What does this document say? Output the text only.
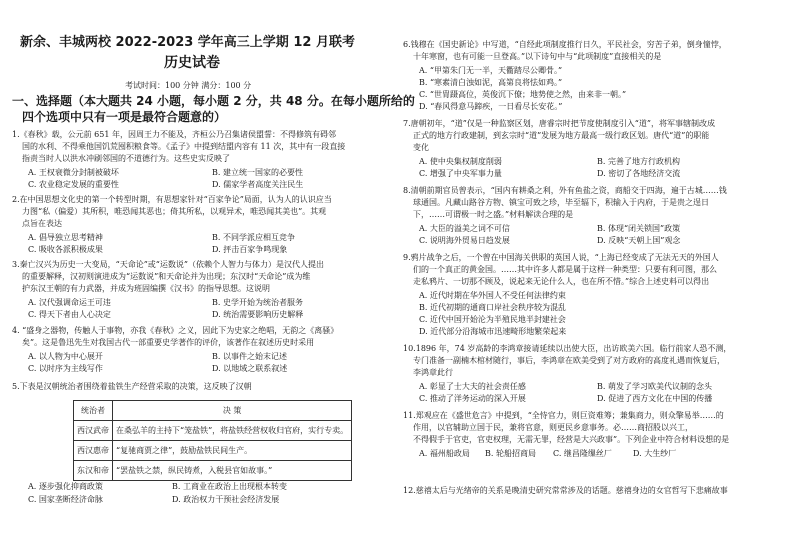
新余、丰城两校 2022-2023 学年高三上学期 12 月联考
历史试卷
考试时间：100 分钟 满分：100 分
一、选择题（本大题共 24 小题，每小题 2 分，共 48 分。在每小题所给的
四个选项中只有一项是最符合题意的）
1.《春秋》载，公元前 651 年，因周王力不能及，齐桓公乃召集诸侯盟誓：不得修筑有碍邻
国的水利、不得乘他国饥荒囤积粮食等。《孟子》中提到结盟内容有 11 次，其中有一段直接
指责当时人以洪水冲刷邻国的不道德行为。这些史实反映了
A. 王权衰微分封制被破坏	B. 建立统一国家的必要性
C. 农业稳定发展的重要性	D. 儒家学者高度关注民生
2.在中国思想文化史的第一个转型时期，有思想家针对“百家争论”局面，认为人的认识应当
力图“私（偏爱）其所积，唯恐闻其恶也；倚其所私，以观异术，唯恐闻其美也”。其观
点旨在表达
A. 倡导独立思考精神	B. 不同学派应相互竞争
C. 吸收各派积极成果	D. 抨击百家争鸣现象
3.秦亡汉兴为历史一大变局，“天命论”或“运数说”（依赖个人智力与体力）是汉代人提出
的重要解释，汉初则演进成为“运数说”和天命论并为出现；东汉时“天命论”成为维
护东汉王朝的有力武器，并成为班固编撰《汉书》的指导思想。这说明
A. 汉代强调命运王可违	B. 史学开始为统治者服务
C. 得天下者由人心决定	D. 统治需要影响历史解释
4. “盛身之器物，传触人于事物，亦我《春秋》之义，因此下为史家之绝唱，无韵之《离骚》
矣”。这是鲁迅先生对我国古代一部重要史学著作的评价，该著作在叙述历史时采用
A. 以人物为中心展开	B. 以事件之始末记述
C. 以时序为主线写作	D. 以地域之联系叙述
5.下表是汉朝统治者围绕着盐铁生产经营采取的决策，这反映了汉朝
统治者	决 策
西汉武帝	在桑弘羊的主持下“笼盐铁”，将盐铁经营权收归官府，实行专卖。
西汉惠帝	“复驰商贾之律”，鼓励盐铁民间生产。
东汉和帝	“罢盐铁之禁，纵民铸煮，入税县官如故事。”
A. 逐步强化抑商政策	B. 工商业在政治上出现根本转变
C. 国家垄断经济命脉	D. 政治权力干预社会经济发展
6.钱穆在《国史新论》中写道，“自经此项制度推行日久，平民社会，穷苦子弟，倒身憧悖，
十年寒窗，也有可能一旦登高。”以下诗句中与“此项制度”直接相关的是
A. “甲第朱门无一半，天衢踏尽公卿骨。”
B. “寒素清白浊如泥，高第良将怯如鸡。”
C. “世胄蹑高位，英俊沉下僚；地势使之然，由来非一朝。”
D. “春风得意马蹄疾，一日看尽长安花。”
7.唐朝初年，“道”仅是一种监察区划，唐睿宗时把节度使制度引入“道”，将军事辖制改成
正式的地方行政建制，到玄宗时“道”发展为地方最高一级行政区划。唐代“道”的职能
变化
A. 使中央集权制度削弱	B. 完善了地方行政机构
C. 增强了中央军事力量	D. 密切了各地经济交流
8.清朝前期官员曾表示，“国内有耕桑之利，外有鱼盐之资，商船交于四海，遍于古城……钱
球通国。凡藏山路谷方物、镇宝可致之珍，毕至辐下，积输入于内府，于是贵之逞日
下，……可谓极一时之盛。”材料解读合理的是
A. 大臣的溢美之词不可信	B. 体现“闭关锁国”政策
C. 说明海外贸易日趋发展	D. 反映“天朝上国”观念
9.鸦片战争之后，一个曾在中国海关供职的英国人说，“上海已经变成了无法无天的外国人
们的一个真正的黄金国。……其中许多人都是属于这样一种类型：只要有利可图，那么
走私鸦片、一切那不顾及，说起来无论什么人，也在所不惜。”综合上述史料可以得出
A. 近代时期在华外国人不受任何法律约束
B. 近代初期的通商口岸社会秩序较为混乱
C. 近代中国开始沦为半殖民地半封建社会
D. 近代部分沿海城市迅速畸形地繁荣起来
10.1896 年，74 岁高龄的李鸿章接请延续以出使大臣，出访欧美六国。临行前家人恐不测，
专门准备一副楠木棺材随行，事后，李鸿章在欧美受到了对方政府的高度礼遇而恢复后，
李鸿章此行
A. 彰显了士大夫的社会责任感	B. 萌发了学习欧美代议制的念头
C. 推动了洋务运动的深入开展	D. 促进了西方文化在中国的传播
11.郑观应在《盛世危言》中提到，“全恃官力，则巨资难筹；兼集商力，则众擎易举……的
作用，以官辅助立国于民，兼将官意，则更民乡意事务。必……商招股以兴工，
不得假手于官吏，官吏权理，无需无罪，经营是大兴政事”。下列企业中符合材料设想的是
A. 福州船政局 B. 轮船招商局 C. 继昌隆缫丝厂	D. 大生纱厂
12.慈禧太后与光绪帝的关系是晚清史研究常常涉及的话题。慈禧身边的女官哲写下悲痛故事
